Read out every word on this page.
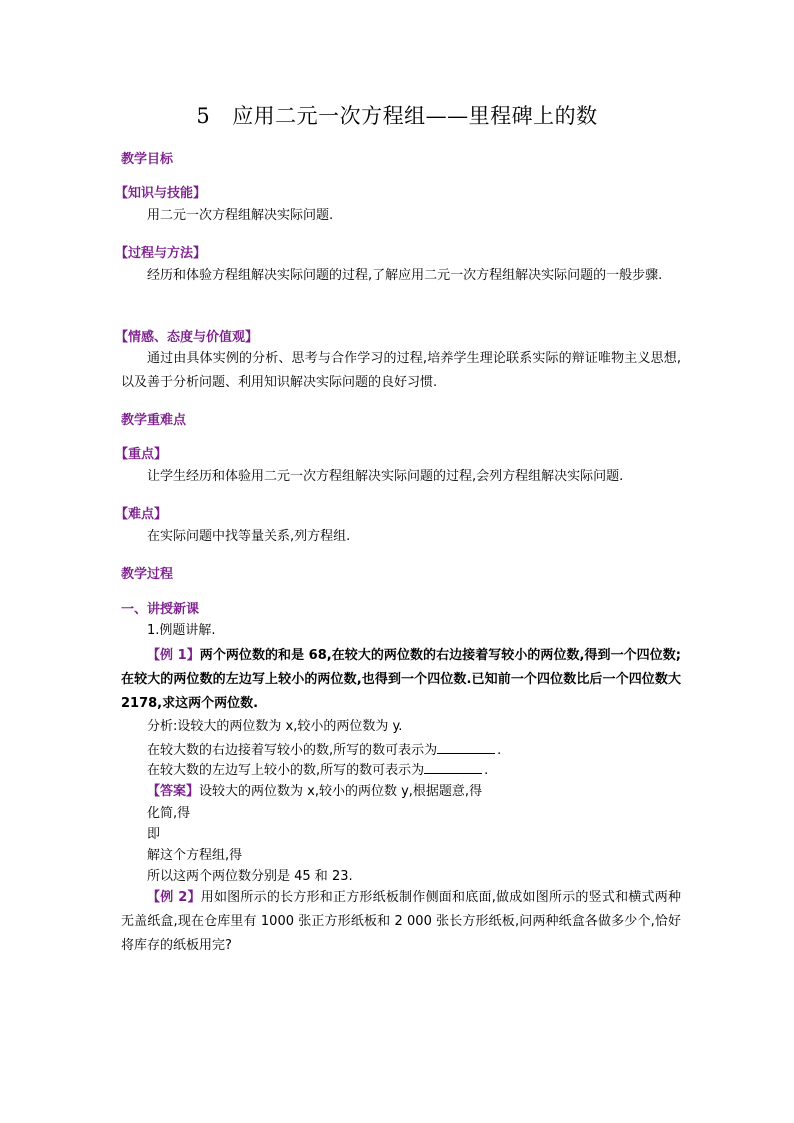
5 应用二元一次方程组——里程碑上的数
教学目标
【知识与技能】
用二元一次方程组解决实际问题.
【过程与方法】
经历和体验方程组解决实际问题的过程,了解应用二元一次方程组解决实际问题的一般步骤.
【情感、态度与价值观】
通过由具体实例的分析、思考与合作学习的过程,培养学生理论联系实际的辩证唯物主义思想,以及善于分析问题、利用知识解决实际问题的良好习惯.
教学重难点
【重点】
让学生经历和体验用二元一次方程组解决实际问题的过程,会列方程组解决实际问题.
【难点】
在实际问题中找等量关系,列方程组.
教学过程
一、讲授新课
1.例题讲解.
【例 1】两个两位数的和是 68,在较大的两位数的右边接着写较小的两位数,得到一个四位数;在较大的两位数的左边写上较小的两位数,也得到一个四位数.已知前一个四位数比后一个四位数大 2178,求这两个两位数.
分析:设较大的两位数为 x,较小的两位数为 y.
在较大数的右边接着写较小的数,所写的数可表示为	.
在较大数的左边写上较小的数,所写的数可表示为	.
【答案】设较大的两位数为 x,较小的两位数 y,根据题意,得
化简,得
即
解这个方程组,得
所以这两个两位数分别是 45 和 23.
【例 2】用如图所示的长方形和正方形纸板制作侧面和底面,做成如图所示的竖式和横式两种无盖纸盒,现在仓库里有 1000 张正方形纸板和 2 000 张长方形纸板,问两种纸盒各做多少个,恰好将库存的纸板用完?
